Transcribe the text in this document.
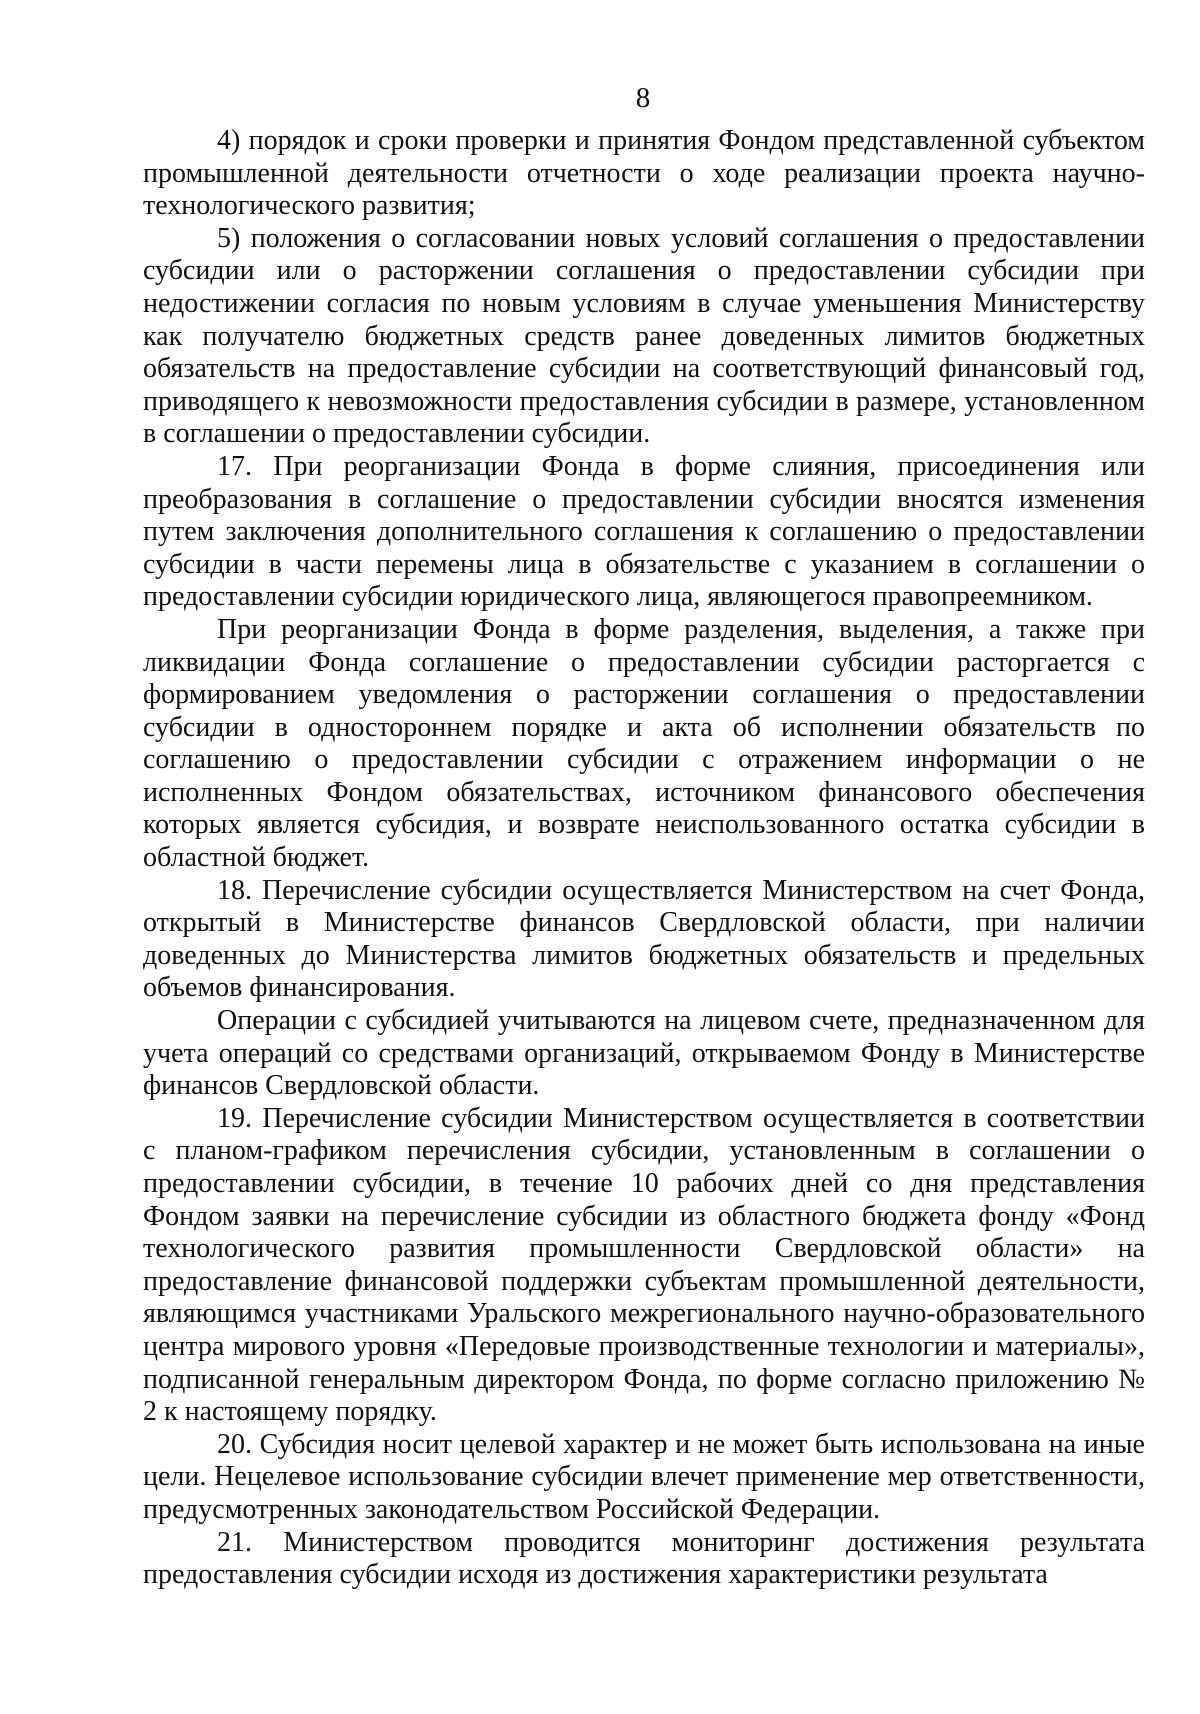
8

4) порядок и сроки проверки и принятия Фондом представленной субъектом промышленной деятельности отчетности о ходе реализации проекта научно-технологического развития;

5) положения о согласовании новых условий соглашения о предоставлении субсидии или о расторжении соглашения о предоставлении субсидии при недостижении согласия по новым условиям в случае уменьшения Министерству как получателю бюджетных средств ранее доведенных лимитов бюджетных обязательств на предоставление субсидии на соответствующий финансовый год, приводящего к невозможности предоставления субсидии в размере, установленном в соглашении о предоставлении субсидии.

17. При реорганизации Фонда в форме слияния, присоединения или преобразования в соглашение о предоставлении субсидии вносятся изменения путем заключения дополнительного соглашения к соглашению о предоставлении субсидии в части перемены лица в обязательстве с указанием в соглашении о предоставлении субсидии юридического лица, являющегося правопреемником.

При реорганизации Фонда в форме разделения, выделения, а также при ликвидации Фонда соглашение о предоставлении субсидии расторгается с формированием уведомления о расторжении соглашения о предоставлении субсидии в одностороннем порядке и акта об исполнении обязательств по соглашению о предоставлении субсидии с отражением информации о не исполненных Фондом обязательствах, источником финансового обеспечения которых является субсидия, и возврате неиспользованного остатка субсидии в областной бюджет.

18. Перечисление субсидии осуществляется Министерством на счет Фонда, открытый в Министерстве финансов Свердловской области, при наличии доведенных до Министерства лимитов бюджетных обязательств и предельных объемов финансирования.

Операции с субсидией учитываются на лицевом счете, предназначенном для учета операций со средствами организаций, открываемом Фонду в Министерстве финансов Свердловской области.

19. Перечисление субсидии Министерством осуществляется в соответствии с планом-графиком перечисления субсидии, установленным в соглашении о предоставлении субсидии, в течение 10 рабочих дней со дня представления Фондом заявки на перечисление субсидии из областного бюджета фонду «Фонд технологического развития промышленности Свердловской области» на предоставление финансовой поддержки субъектам промышленной деятельности, являющимся участниками Уральского межрегионального научно-образовательного центра мирового уровня «Передовые производственные технологии и материалы», подписанной генеральным директором Фонда, по форме согласно приложению № 2 к настоящему порядку.

20. Субсидия носит целевой характер и не может быть использована на иные цели. Нецелевое использование субсидии влечет применение мер ответственности, предусмотренных законодательством Российской Федерации.

21. Министерством проводится мониторинг достижения результата предоставления субсидии исходя из достижения характеристики результата
